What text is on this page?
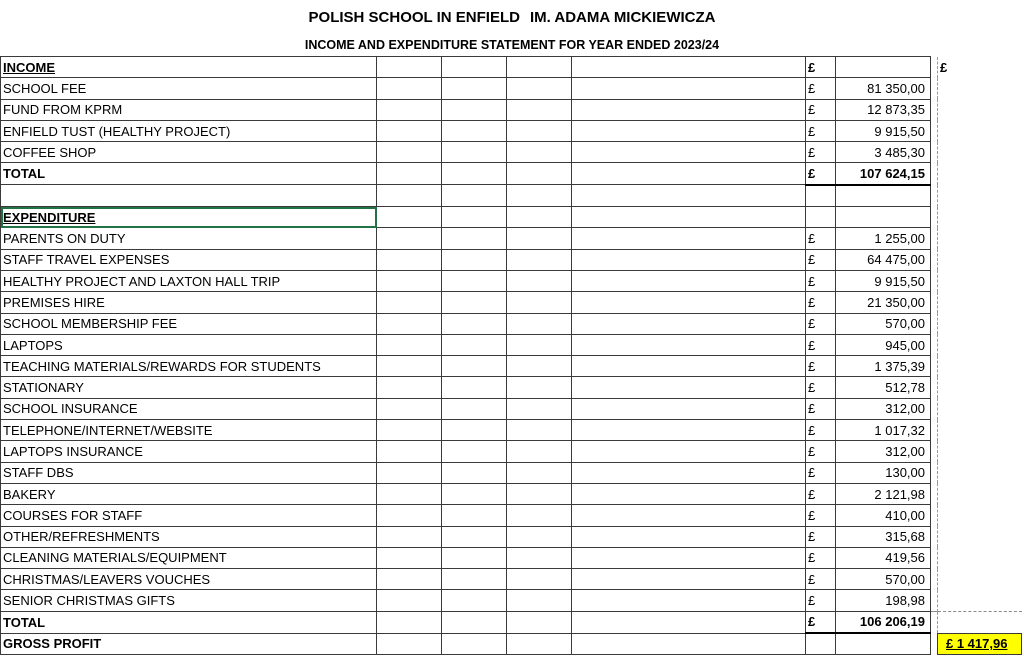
POLISH SCHOOL IN ENFIELD IM. ADAMA MICKIEWICZA
INCOME AND EXPENDITURE STATEMENT FOR YEAR ENDED 2023/24
INCOME					£			£
SCHOOL FEE					£	81 350,00		
FUND FROM KPRM					£	12 873,35		
ENFIELD TUST (HEALTHY PROJECT)					£	9 915,50		
COFFEE SHOP					£	3 485,30		
TOTAL					£	107 624,15		

EXPENDITURE								
PARENTS ON DUTY					£	1 255,00		
STAFF TRAVEL EXPENSES					£	64 475,00		
HEALTHY PROJECT AND LAXTON HALL TRIP					£	9 915,50		
PREMISES HIRE					£	21 350,00		
SCHOOL MEMBERSHIP FEE					£	570,00		
LAPTOPS					£	945,00		
TEACHING MATERIALS/REWARDS FOR STUDENTS					£	1 375,39		
STATIONARY					£	512,78		
SCHOOL INSURANCE					£	312,00		
TELEPHONE/INTERNET/WEBSITE					£	1 017,32		
LAPTOPS INSURANCE					£	312,00		
STAFF DBS					£	130,00		
BAKERY					£	2 121,98		
COURSES FOR STAFF					£	410,00		
OTHER/REFRESHMENTS					£	315,68		
CLEANING MATERIALS/EQUIPMENT					£	419,56		
CHRISTMAS/LEAVERS VOUCHES					£	570,00		
SENIOR CHRISTMAS GIFTS					£	198,98		
TOTAL					£	106 206,19		
GROSS PROFIT								£ 1 417,96
